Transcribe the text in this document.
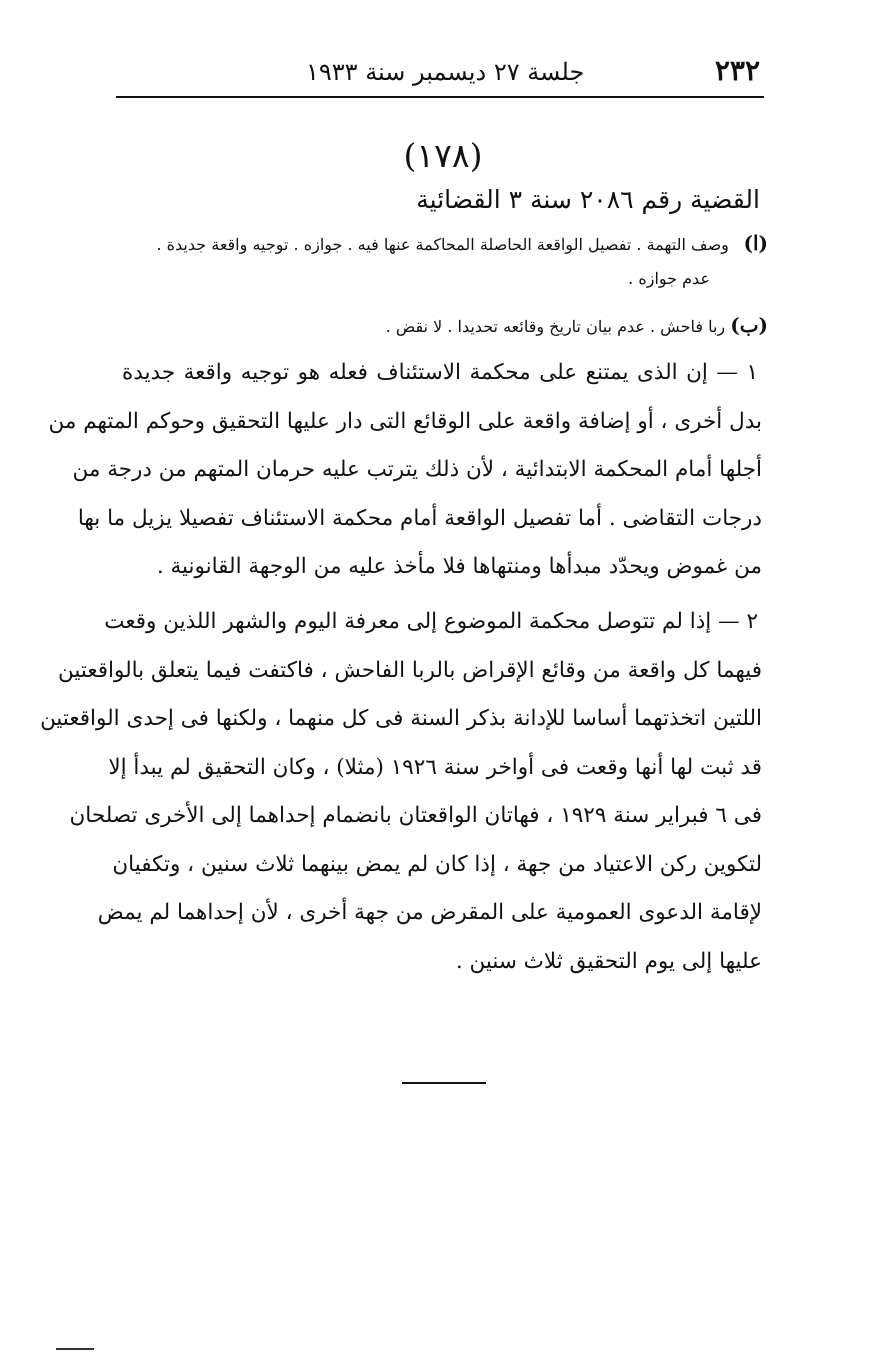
٢٣٢
جلسة ٢٧ ديسمبر سنة ١٩٣٣
(١٧٨)
القضية رقم ٢٠٨٦ سنة ٣ القضائية

(ا) وصف التهمة . تفصيل الواقعة الحاصلة المحاكمة عنها فيه . جوازه . توجيه واقعة جديدة .

عدم جوازه .

(ب) ربا فاحش . عدم بيان تاريخ وقائعه تحديدا . لا نقض .

١ — إن الذى يمتنع على محكمة الاستئناف فعله هو توجيه واقعة جديدة
بدل أخرى ، أو إضافة واقعة على الوقائع التى دار عليها التحقيق وحوكم المتهم من
أجلها أمام المحكمة الابتدائية ، لأن ذلك يترتب عليه حرمان المتهم من درجة من
درجات التقاضى . أما تفصيل الواقعة أمام محكمة الاستئناف تفصيلا يزيل ما بها
من غموض ويحدّد مبدأها ومنتهاها فلا مأخذ عليه من الوجهة القانونية .
٢ — إذا لم تتوصل محكمة الموضوع إلى معرفة اليوم والشهر اللذين وقعت
فيهما كل واقعة من وقائع الإقراض بالربا الفاحش ، فاكتفت فيما يتعلق بالواقعتين
اللتين اتخذتهما أساسا للإدانة بذكر السنة فى كل منهما ، ولكنها فى إحدى الواقعتين
قد ثبت لها أنها وقعت فى أواخر سنة ١٩٢٦ (مثلا) ، وكان التحقيق لم يبدأ إلا
فى ٦ فبراير سنة ١٩٢٩ ، فهاتان الواقعتان بانضمام إحداهما إلى الأخرى تصلحان
لتكوين ركن الاعتياد من جهة ، إذا كان لم يمض بينهما ثلاث سنين ، وتكفيان
لإقامة الدعوى العمومية على المقرض من جهة أخرى ، لأن إحداهما لم يمض
عليها إلى يوم التحقيق ثلاث سنين .
